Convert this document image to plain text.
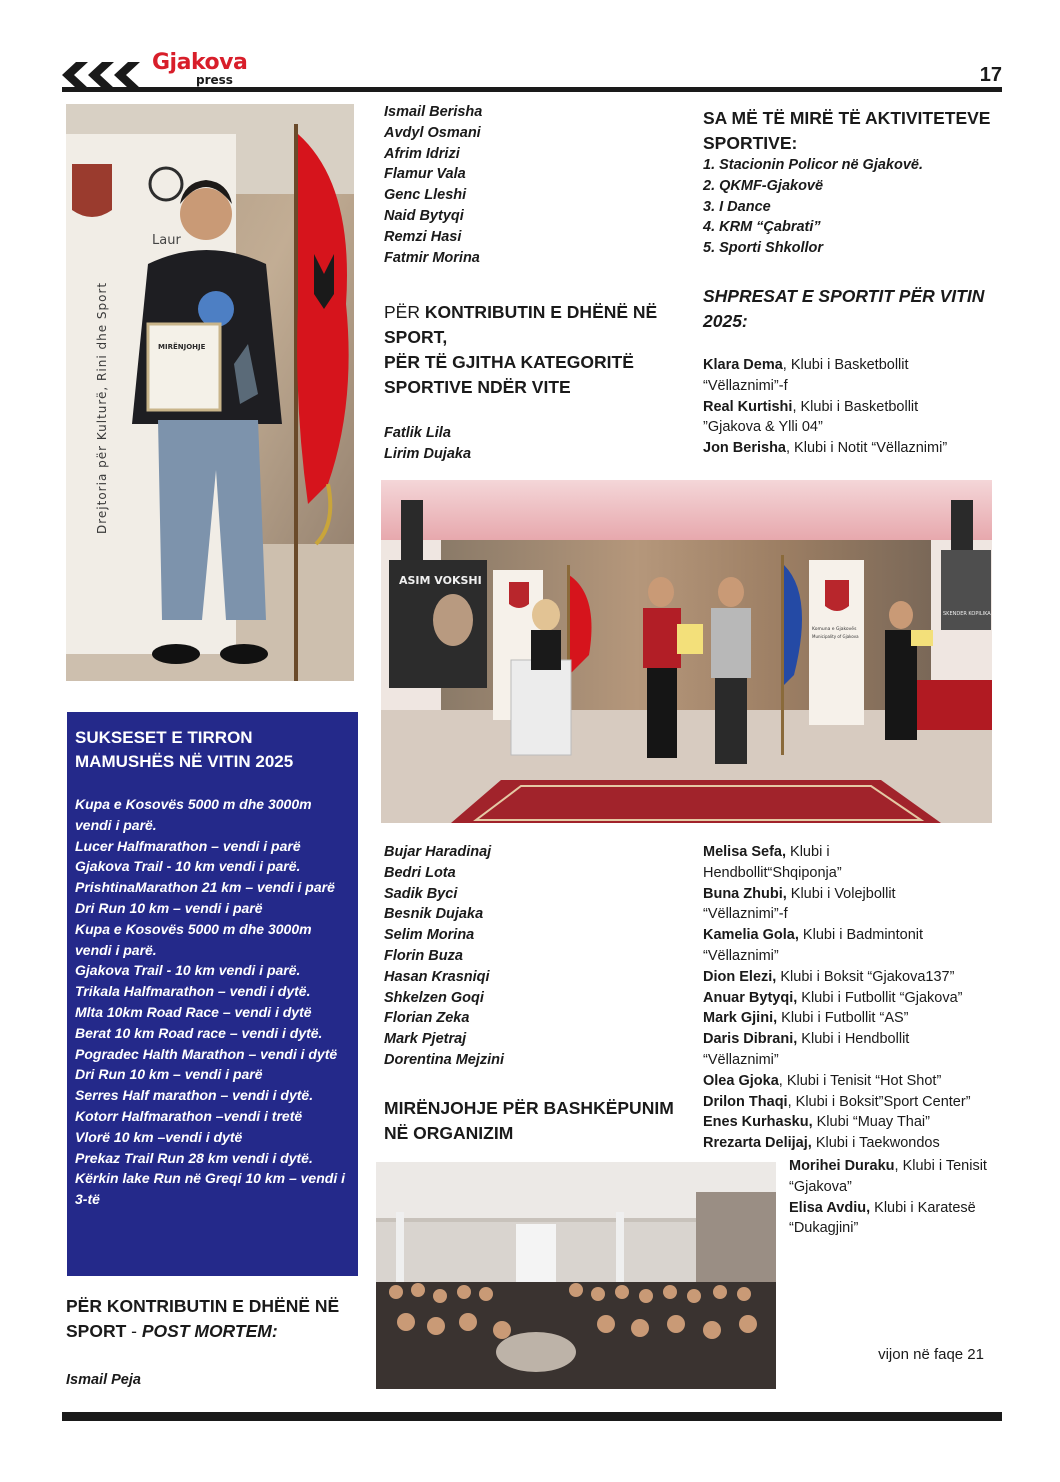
Gjakova
press	17
Laur
Drejtoria për Kulturë, Rini dhe Sport	MIRËNJOHJE
Ismail Berisha
Avdyl Osmani
Afrim Idrizi
Flamur Vala
Genc Lleshi
Naid Bytyqi
Remzi Hasi
Fatmir Morina
PËR KONTRIBUTIN E DHËNË NË SPORT,
PËR TË GJITHA KATEGORITË SPORTIVE NDËR VITE
Fatlik Lila
Lirim Dujaka
SA MË TË MIRË TË AKTIVITETEVE SPORTIVE:
1. Stacionin Policor në Gjakovë.
2. QKMF-Gjakovë
3. I Dance
4. KRM “Çabrati”
5. Sporti Shkollor
SHPRESAT E SPORTIT PËR VITIN 2025:
Klara Dema, Klubi i Basketbollit “Vëllaznimi”-f
Real Kurtishi, Klubi i Basketbollit ”Gjakova & Ylli 04”
Jon Berisha, Klubi i Notit “Vëllaznimi”
ASIM VOKSHI
Komuna e Gjakovës
Municipality of Gjakova
SKENDER KOPILIKA
Bujar Haradinaj
Bedri Lota
Sadik Byci
Besnik Dujaka
Selim Morina
Florin Buza
Hasan Krasniqi
Shkelzen Goqi
Florian Zeka
Mark Pjetraj
Dorentina Mejzini
MIRËNJOHJE PËR BASHKËPUNIM NË ORGANIZIM
Melisa Sefa, Klubi i Hendbollit“Shqiponja”
Buna Zhubi, Klubi i Volejbollit “Vëllaznimi”-f
Kamelia Gola, Klubi i Badmintonit “Vëllaznimi”
Dion Elezi, Klubi i Boksit “Gjakova137”
Anuar Bytyqi, Klubi i Futbollit “Gjakova”
Mark Gjini, Klubi i Futbollit “AS”
Daris Dibrani, Klubi i Hendbollit “Vëllaznimi”
Olea Gjoka, Klubi i Tenisit “Hot Shot”
Drilon Thaqi, Klubi i Boksit”Sport Center”
Enes Kurhasku, Klubi “Muay Thai”
Rrezarta Delijaj, Klubi i Taekwondos
Morihei Duraku, Klubi i Tenisit “Gjakova”
Elisa Avdiu, Klubi i Karatesë “Dukagjini”
SUKSESET E TIRRON MAMUSHËS NË VITIN 2025
Kupa e Kosovës 5000 m dhe 3000m vendi i parë.
Lucer Halfmarathon – vendi i parë
Gjakova Trail - 10 km vendi i parë.
PrishtinaMarathon 21 km – vendi i parë
Dri Run 10 km – vendi i parë
Kupa e Kosovës 5000 m dhe 3000m vendi i parë.
Gjakova Trail - 10 km vendi i parë.
Trikala Halfmarathon – vendi i dytë.
Mlta 10km Road Race – vendi i dytë
Berat 10 km Road race – vendi i dytë.
Pogradec Halth Marathon – vendi i dytë
Dri Run 10 km – vendi i parë
Serres Half marathon – vendi i dytë.
Kotorr Halfmarathon –vendi i tretë
Vlorë 10 km –vendi i dytë
Prekaz Trail Run 28 km vendi i dytë.
Kërkin lake Run në Greqi 10 km – vendi i 3-të
PËR KONTRIBUTIN E DHËNË NË SPORT - POST MORTEM:
Ismail Peja
vijon në faqe 21
